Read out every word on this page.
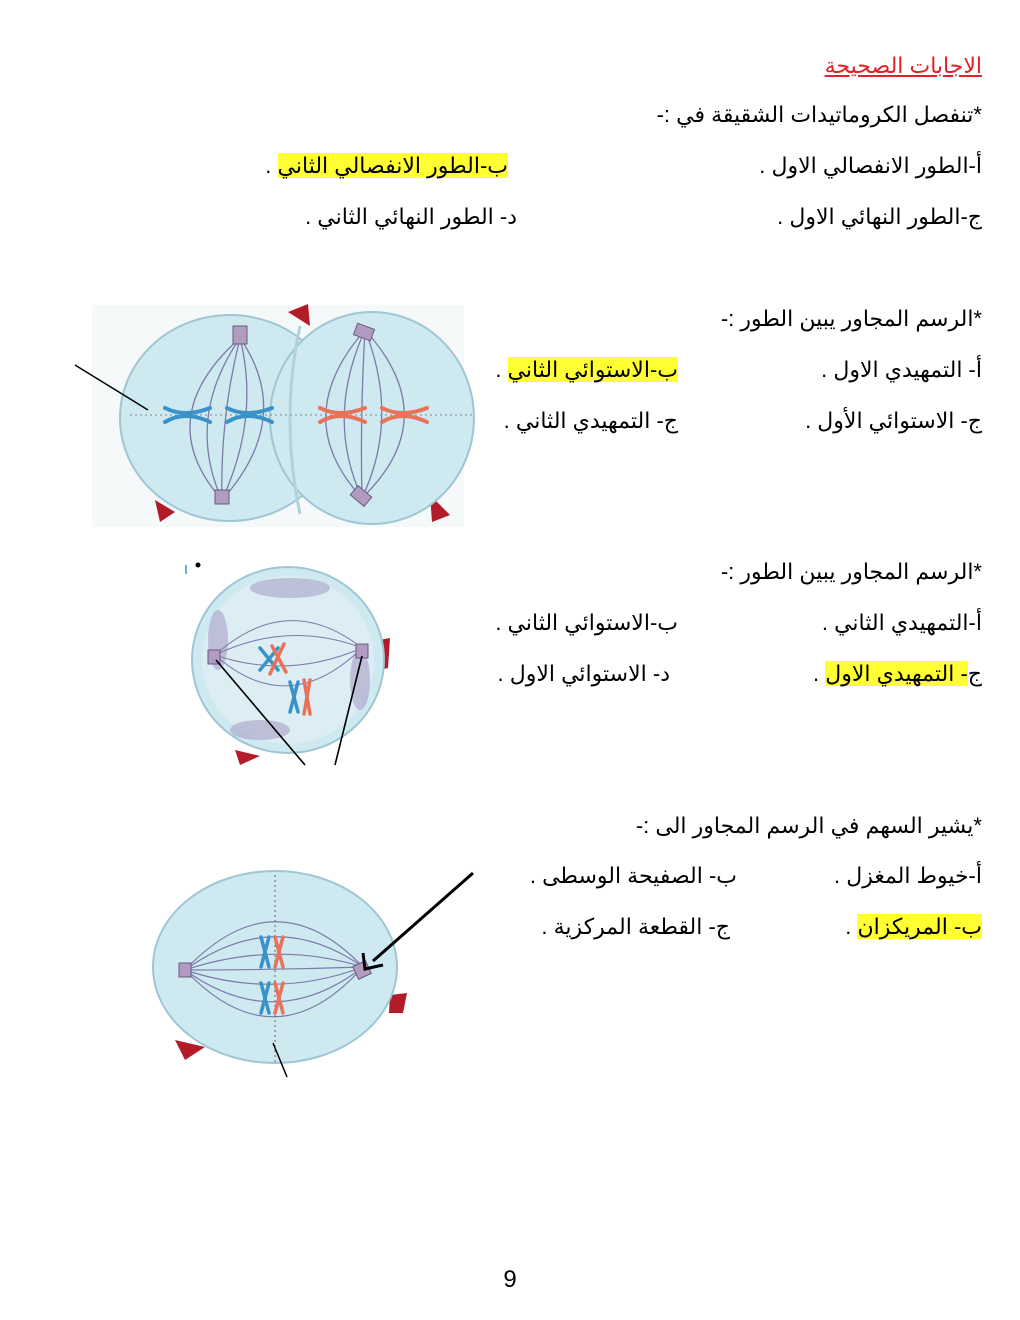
الاجابات الصحيحة
*تنفصل الكروماتيدات الشقيقة في :-
أ-الطور الانفصالي الاول .
ب-الطور الانفصالي الثاني .
ج-الطور النهائي الاول .
د- الطور النهائي الثاني .
*الرسم المجاور يبين الطور :-
أ- التمهيدي الاول .
ب-الاستوائي الثاني .
ج- الاستوائي الأول .
ج- التمهيدي الثاني .
*الرسم المجاور يبين الطور :-
أ-التمهيدي الثاني .
ب-الاستوائي الثاني .
ج- التمهيدي الاول .
د- الاستوائي الاول .
*يشير السهم في الرسم المجاور الى :-
أ-خيوط المغزل .
ب- الصفيحة الوسطى .
ب- المريكزان .
ج- القطعة المركزية .
9
